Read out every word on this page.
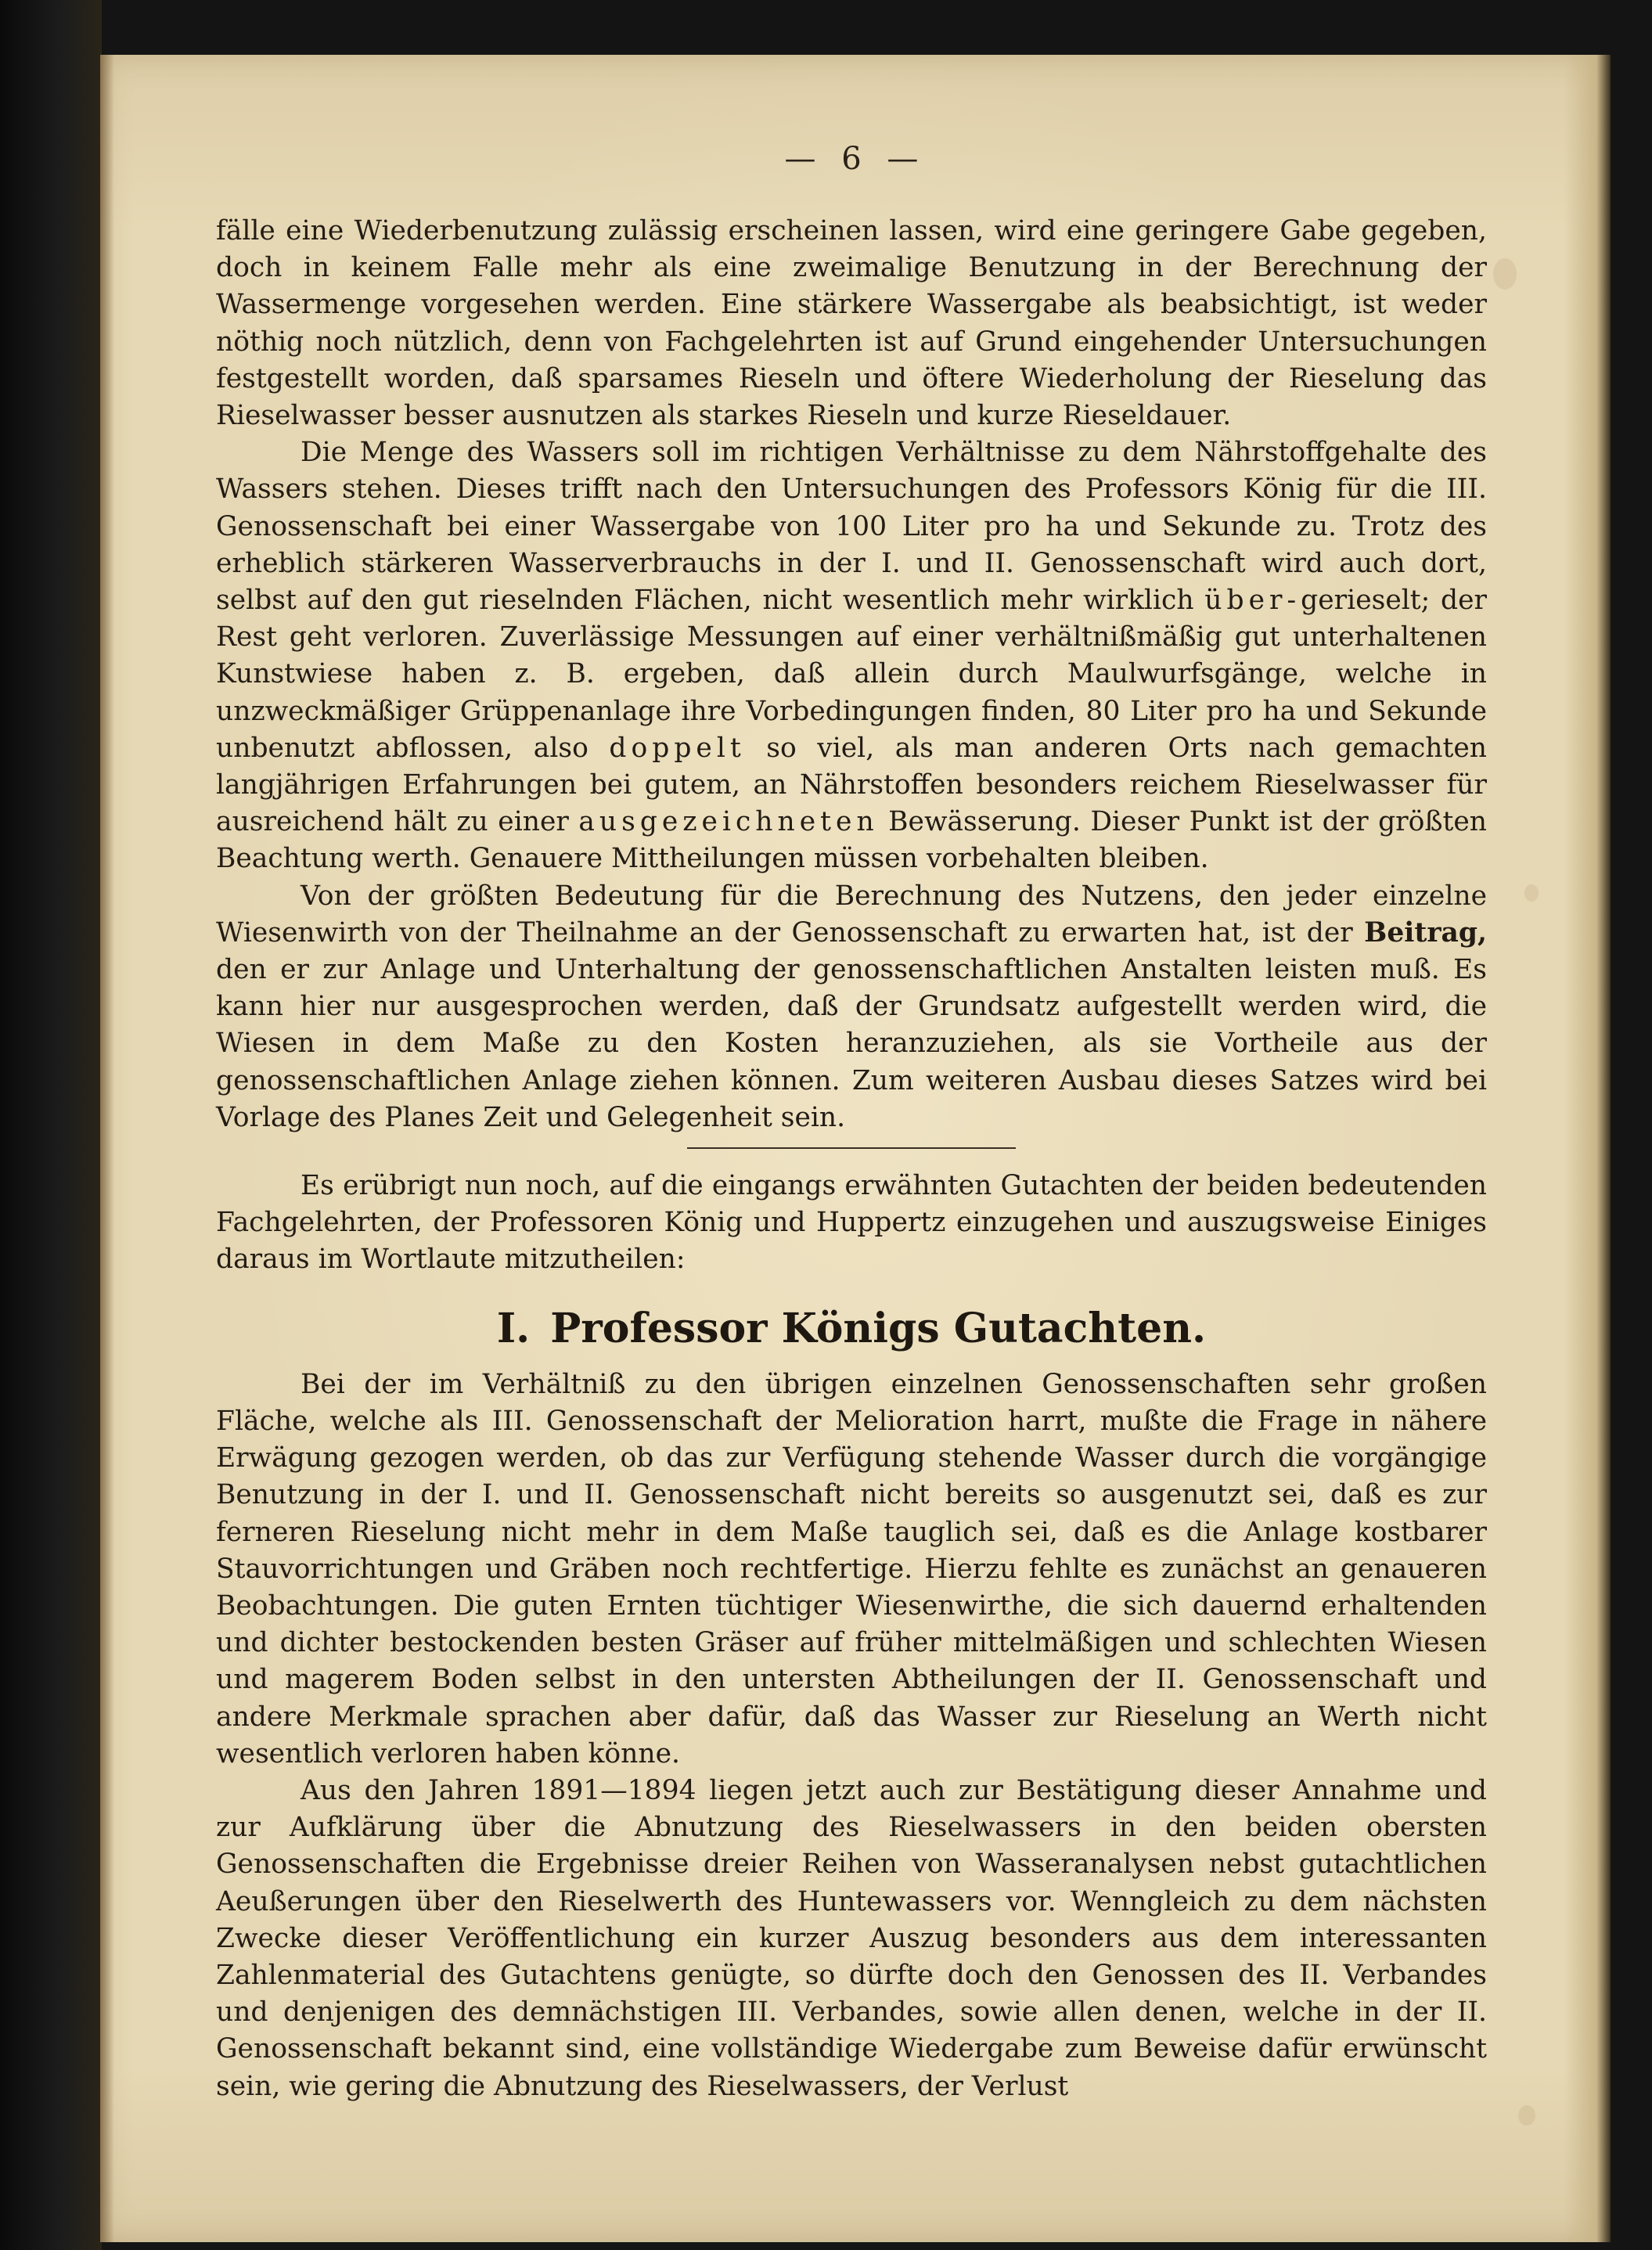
— 6 —

fälle eine Wiederbenutzung zulässig erscheinen lassen, wird eine geringere Gabe gegeben, doch in keinem Falle mehr als eine zweimalige Benutzung in der Berechnung der Wassermenge vorgesehen werden. Eine stärkere Wassergabe als beabsichtigt, ist weder nöthig noch nützlich, denn von Fachgelehrten ist auf Grund eingehender Untersuchungen festgestellt worden, daß sparsames Rieseln und öftere Wiederholung der Rieselung das Rieselwasser besser ausnutzen als starkes Rieseln und kurze Rieseldauer.

Die Menge des Wassers soll im richtigen Verhältnisse zu dem Nährstoffgehalte des Wassers stehen. Dieses trifft nach den Untersuchungen des Professors König für die III. Genossenschaft bei einer Wassergabe von 100 Liter pro ha und Sekunde zu. Trotz des erheblich stärkeren Wasserverbrauchs in der I. und II. Genossenschaft wird auch dort, selbst auf den gut rieselnden Flächen, nicht wesentlich mehr wirklich über-gerieselt; der Rest geht verloren. Zuverlässige Messungen auf einer verhältnißmäßig gut unterhaltenen Kunstwiese haben z. B. ergeben, daß allein durch Maulwurfsgänge, welche in unzweckmäßiger Grüppenanlage ihre Vorbedingungen finden, 80 Liter pro ha und Sekunde unbenutzt abflossen, also doppelt so viel, als man anderen Orts nach gemachten langjährigen Erfahrungen bei gutem, an Nährstoffen besonders reichem Rieselwasser für ausreichend hält zu einer ausgezeichneten Bewässerung. Dieser Punkt ist der größten Beachtung werth. Genauere Mittheilungen müssen vorbehalten bleiben.

Von der größten Bedeutung für die Berechnung des Nutzens, den jeder einzelne Wiesenwirth von der Theilnahme an der Genossenschaft zu erwarten hat, ist der Beitrag, den er zur Anlage und Unterhaltung der genossenschaftlichen Anstalten leisten muß. Es kann hier nur ausgesprochen werden, daß der Grundsatz aufgestellt werden wird, die Wiesen in dem Maße zu den Kosten heranzuziehen, als sie Vortheile aus der genossenschaftlichen Anlage ziehen können. Zum weiteren Ausbau dieses Satzes wird bei Vorlage des Planes Zeit und Gelegenheit sein.

Es erübrigt nun noch, auf die eingangs erwähnten Gutachten der beiden bedeutenden Fachgelehrten, der Professoren König und Huppertz einzugehen und auszugsweise Einiges daraus im Wortlaute mitzutheilen:

I. Professor Königs Gutachten.

Bei der im Verhältniß zu den übrigen einzelnen Genossenschaften sehr großen Fläche, welche als III. Genossenschaft der Melioration harrt, mußte die Frage in nähere Erwägung gezogen werden, ob das zur Verfügung stehende Wasser durch die vorgängige Benutzung in der I. und II. Genossenschaft nicht bereits so ausgenutzt sei, daß es zur ferneren Rieselung nicht mehr in dem Maße tauglich sei, daß es die Anlage kostbarer Stauvorrichtungen und Gräben noch rechtfertige. Hierzu fehlte es zunächst an genaueren Beobachtungen. Die guten Ernten tüchtiger Wiesenwirthe, die sich dauernd erhaltenden und dichter bestockenden besten Gräser auf früher mittelmäßigen und schlechten Wiesen und magerem Boden selbst in den untersten Abtheilungen der II. Genossenschaft und andere Merkmale sprachen aber dafür, daß das Wasser zur Rieselung an Werth nicht wesentlich verloren haben könne.

Aus den Jahren 1891—1894 liegen jetzt auch zur Bestätigung dieser Annahme und zur Aufklärung über die Abnutzung des Rieselwassers in den beiden obersten Genossenschaften die Ergebnisse dreier Reihen von Wasseranalysen nebst gutachtlichen Aeußerungen über den Rieselwerth des Huntewassers vor. Wenngleich zu dem nächsten Zwecke dieser Veröffentlichung ein kurzer Auszug besonders aus dem interessanten Zahlenmaterial des Gutachtens genügte, so dürfte doch den Genossen des II. Verbandes und denjenigen des demnächstigen III. Verbandes, sowie allen denen, welche in der II. Genossenschaft bekannt sind, eine vollständige Wiedergabe zum Beweise dafür erwünscht sein, wie gering die Abnutzung des Rieselwassers, der Verlust
